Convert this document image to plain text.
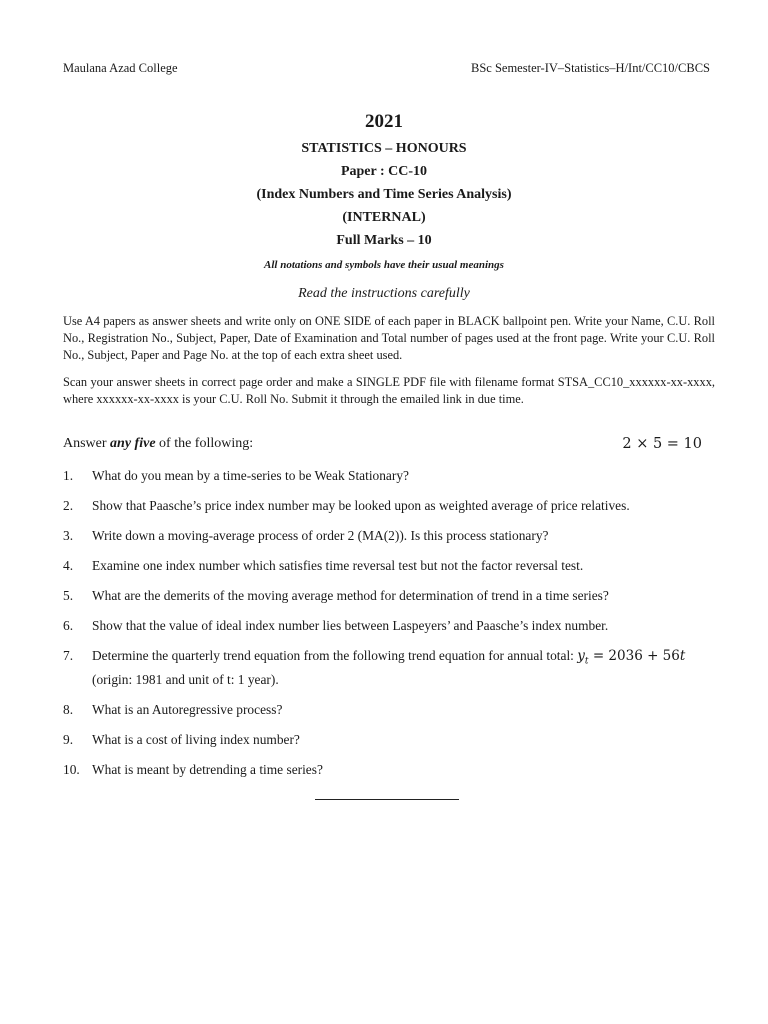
Maulana Azad College	BSc Semester-IV–Statistics–H/Int/CC10/CBCS
2021
STATISTICS – HONOURS
Paper : CC-10
(Index Numbers and Time Series Analysis)
(INTERNAL)
Full Marks – 10
All notations and symbols have their usual meanings
Read the instructions carefully
Use A4 papers as answer sheets and write only on ONE SIDE of each paper in BLACK ballpoint pen. Write your Name, C.U. Roll No., Registration No., Subject, Paper, Date of Examination and Total number of pages used at the front page. Write your C.U. Roll No., Subject, Paper and Page No. at the top of each extra sheet used.
Scan your answer sheets in correct page order and make a SINGLE PDF file with filename format STSA_CC10_xxxxxx-xx-xxxx, where xxxxxx-xx-xxxx is your C.U. Roll No. Submit it through the emailed link in due time.
Answer any five of the following:	2 × 5 = 10
1.	What do you mean by a time-series to be Weak Stationary?
2.	Show that Paasche’s price index number may be looked upon as weighted average of price relatives.
3.	Write down a moving-average process of order 2 (MA(2)). Is this process stationary?
4.	Examine one index number which satisfies time reversal test but not the factor reversal test.
5.	What are the demerits of the moving average method for determination of trend in a time series?
6.	Show that the value of ideal index number lies between Laspeyers’ and Paasche’s index number.
7.	Determine the quarterly trend equation from the following trend equation for annual total: $y_t = 2036 + 56t$
(origin: 1981 and unit of t: 1 year).
8.	What is an Autoregressive process?
9.	What is a cost of living index number?
10. What is meant by detrending a time series?
